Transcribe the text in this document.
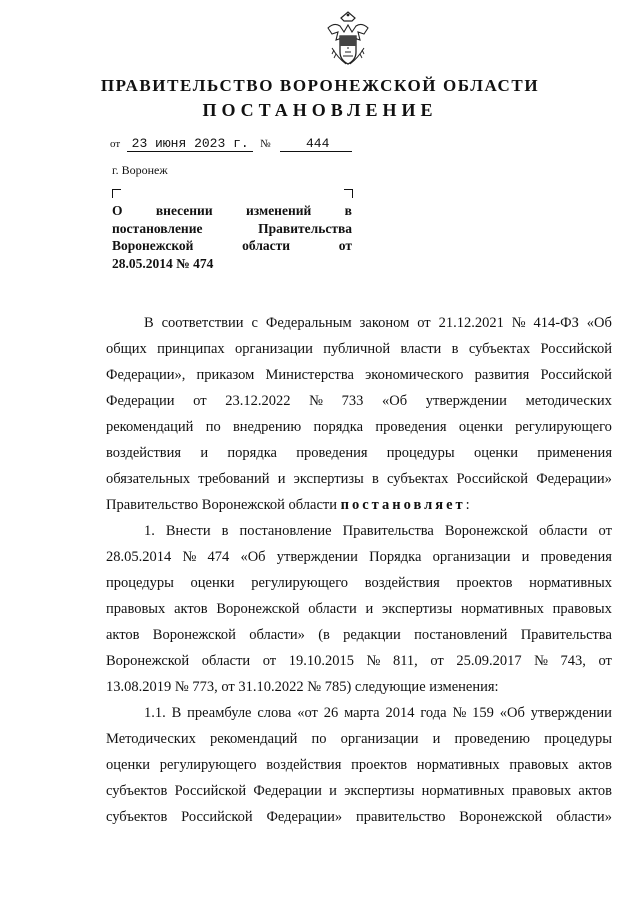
ПРАВИТЕЛЬСТВО ВОРОНЕЖСКОЙ ОБЛАСТИ
ПОСТАНОВЛЕНИЕ
от 23 июня 2023 г. №	444
г. Воронеж
О внесении изменений в
постановление	Правительства
Воронежской	области	от
28.05.2014 № 474

В соответствии с Федеральным законом от 21.12.2021 № 414-ФЗ «Об
общих принципах организации публичной власти в субъектах Российской
Федерации», приказом Министерства экономического развития Российской
Федерации от 23.12.2022 № 733 «Об утверждении методических
рекомендаций по внедрению порядка проведения оценки регулирующего
воздействия и порядка проведения процедуры оценки применения
обязательных требований и экспертизы в субъектах Российской Федерации»
Правительство Воронежской области постановляет:

1. Внести в постановление Правительства Воронежской области от
28.05.2014 № 474 «Об утверждении Порядка организации и проведения
процедуры оценки регулирующего воздействия проектов нормативных
правовых актов Воронежской области и экспертизы нормативных правовых
актов Воронежской области» (в редакции постановлений Правительства
Воронежской области от 19.10.2015 № 811, от 25.09.2017 № 743, от
13.08.2019 № 773, от 31.10.2022 № 785) следующие изменения:

1.1. В преамбуле слова «от 26 марта 2014 года № 159 «Об утверждении
Методических рекомендаций по организации и проведению процедуры
оценки регулирующего воздействия проектов нормативных правовых актов
субъектов Российской Федерации и экспертизы нормативных правовых актов
субъектов Российской Федерации» правительство Воронежской области»
